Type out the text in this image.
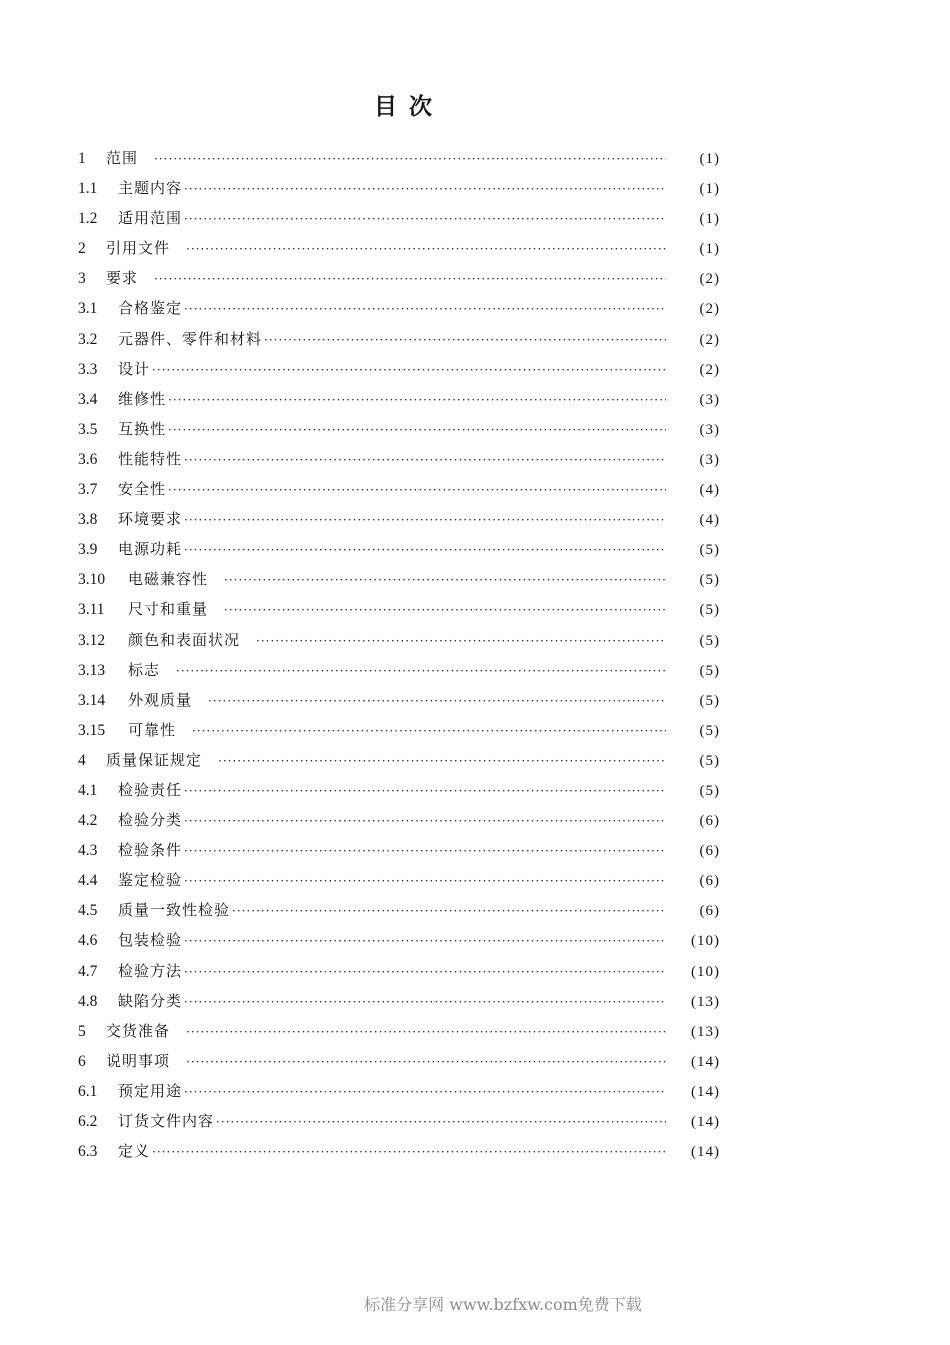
目 次
1	范围 ·····	(1)
1.1	主题内容 ·····	(1)
1.2	适用范围 ·····	(1)
2	引用文件 ·····	(1)
3	要求 ·····	(2)
3.1	合格鉴定 ·····	(2)
3.2	元器件、零件和材料 ·····	(2)
3.3	设计 ·····	(2)
3.4	维修性 ·····	(3)
3.5	互换性 ·····	(3)
3.6	性能特性 ·····	(3)
3.7	安全性 ·····	(4)
3.8	环境要求 ·····	(4)
3.9	电源功耗 ·····	(5)
3.10	电磁兼容性 ·····	(5)
3.11	尺寸和重量 ·····	(5)
3.12	颜色和表面状况 ·····	(5)
3.13	标志 ·····	(5)
3.14	外观质量 ·····	(5)
3.15	可靠性 ·····	(5)
4	质量保证规定 ·····	(5)
4.1	检验责任 ·····	(5)
4.2	检验分类 ·····	(6)
4.3	检验条件 ·····	(6)
4.4	鉴定检验 ·····	(6)
4.5	质量一致性检验 ·····	(6)
4.6	包装检验 ·····	(10)
4.7	检验方法 ·····	(10)
4.8	缺陷分类 ·····	(13)
5	交货准备 ·····	(13)
6	说明事项 ·····	(14)
6.1	预定用途 ·····	(14)
6.2	订货文件内容 ·····	(14)
6.3	定义 ·····	(14)
标准分享网 www.bzfxw.com免费下载
